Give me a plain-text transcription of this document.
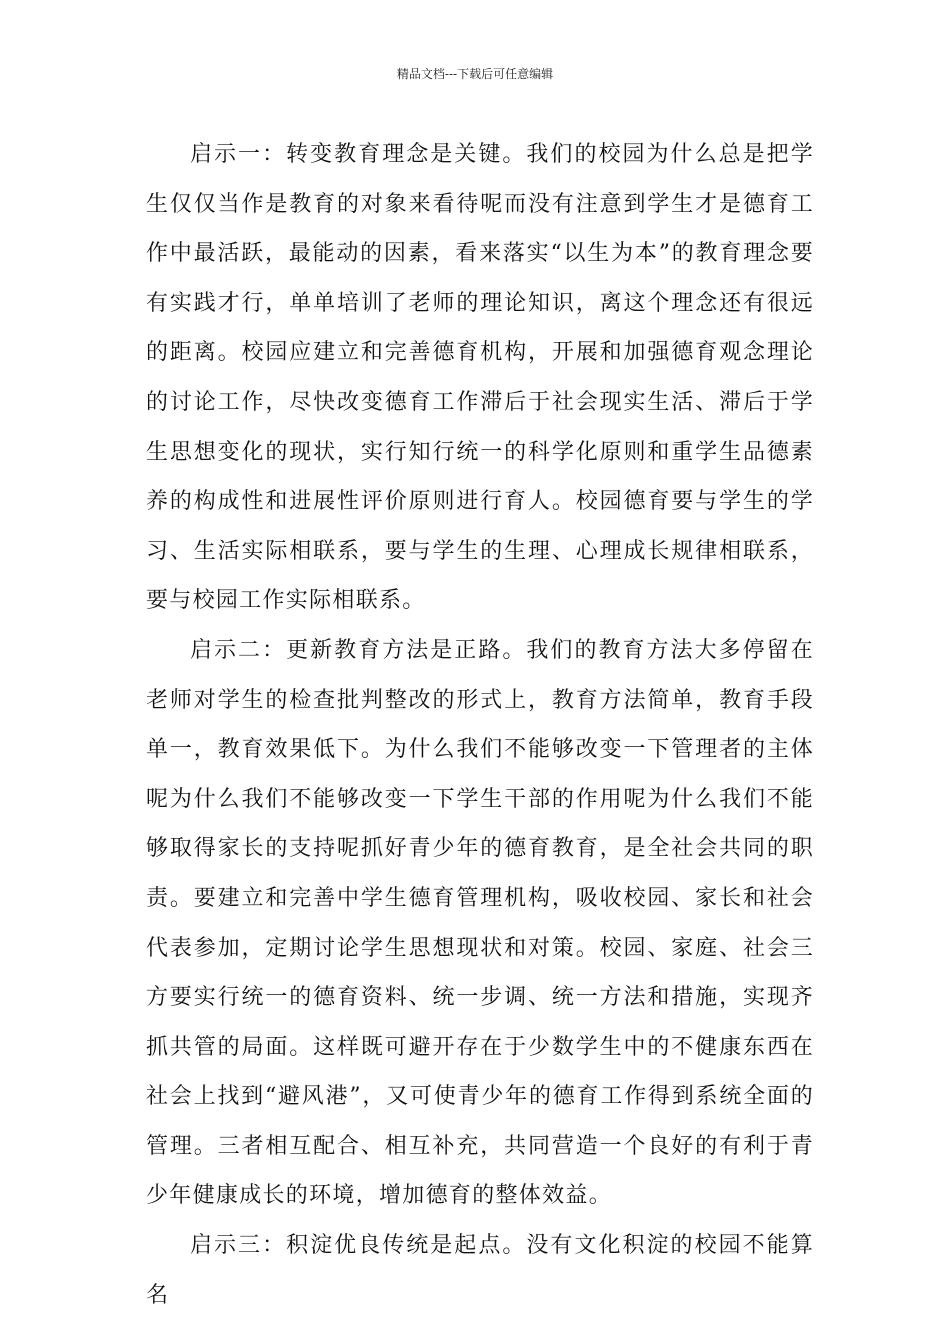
精品文档---下载后可任意编辑

启示一：转变教育理念是关键。我们的校园为什么总是把学生仅仅当作是教育的对象来看待呢而没有注意到学生才是德育工作中最活跃，最能动的因素，看来落实“以生为本”的教育理念要有实践才行，单单培训了老师的理论知识，离这个理念还有很远的距离。校园应建立和完善德育机构，开展和加强德育观念理论的讨论工作，尽快改变德育工作滞后于社会现实生活、滞后于学生思想变化的现状，实行知行统一的科学化原则和重学生品德素养的构成性和进展性评价原则进行育人。校园德育要与学生的学习、生活实际相联系，要与学生的生理、心理成长规律相联系，要与校园工作实际相联系。

启示二：更新教育方法是正路。我们的教育方法大多停留在老师对学生的检查批判整改的形式上，教育方法简单，教育手段单一，教育效果低下。为什么我们不能够改变一下管理者的主体呢为什么我们不能够改变一下学生干部的作用呢为什么我们不能够取得家长的支持呢抓好青少年的德育教育，是全社会共同的职责。要建立和完善中学生德育管理机构，吸收校园、家长和社会代表参加，定期讨论学生思想现状和对策。校园、家庭、社会三方要实行统一的德育资料、统一步调、统一方法和措施，实现齐抓共管的局面。这样既可避开存在于少数学生中的不健康东西在社会上找到“避风港”，又可使青少年的德育工作得到系统全面的管理。三者相互配合、相互补充，共同营造一个良好的有利于青少年健康成长的环境，增加德育的整体效益。

启示三：积淀优良传统是起点。没有文化积淀的校园不能算名
